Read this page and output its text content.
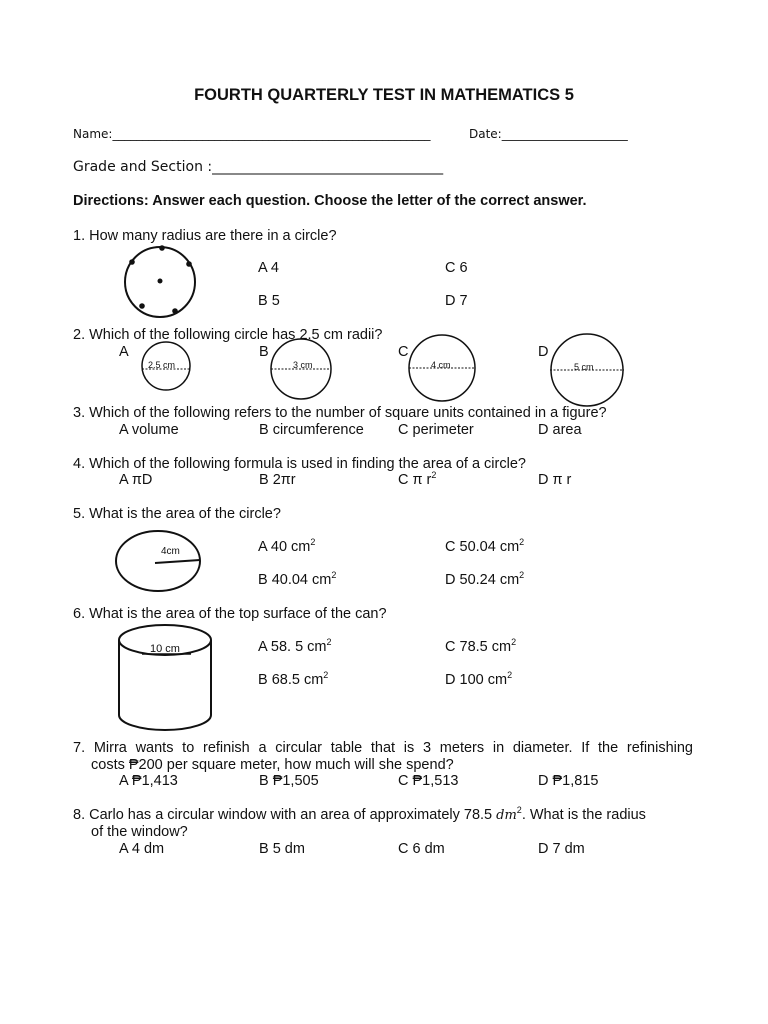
FOURTH QUARTERLY TEST IN MATHEMATICS 5
Name:_____________________________________________________	Date:_____________________
Grade and Section :_________________________________
Directions: Answer each question. Choose the letter of the correct answer.
1. How many radius are there in a circle?
A 4	C 6
B 5	D 7
2. Which of the following circle has 2.5 cm radii?
A	B	C	D
2.5 cm	3 cm	4 cm	5 cm
3. Which of the following refers to the number of square units contained in a figure?
A volume	B circumference C perimeter	D area
4. Which of the following formula is used in finding the area of a circle?
A πD	B 2πr	C π $r^2$	D π r
5. What is the area of the circle?
4cm	A 40 $cm^2$	C 50.04 $cm^2$
B 40.04 $cm^2$	D 50.24 $cm^2$
6. What is the area of the top surface of the can?
10 cm	A 58. 5 $cm^2$	C 78.5 $cm^2$
B 68.5 $cm^2$	D 100 $cm^2$
7. Mirra wants to refinish a circular table that is 3 meters in diameter. If the refinishing
costs ₱200 per square meter, how much will she spend?
A ₱1,413	B ₱1,505	C ₱1,513	D ₱1,815
8. Carlo has a circular window with an area of approximately 78.5 $dm^2$. What is the radius
of the window?
A 4 dm	B 5 dm	C 6 dm	D 7 dm
